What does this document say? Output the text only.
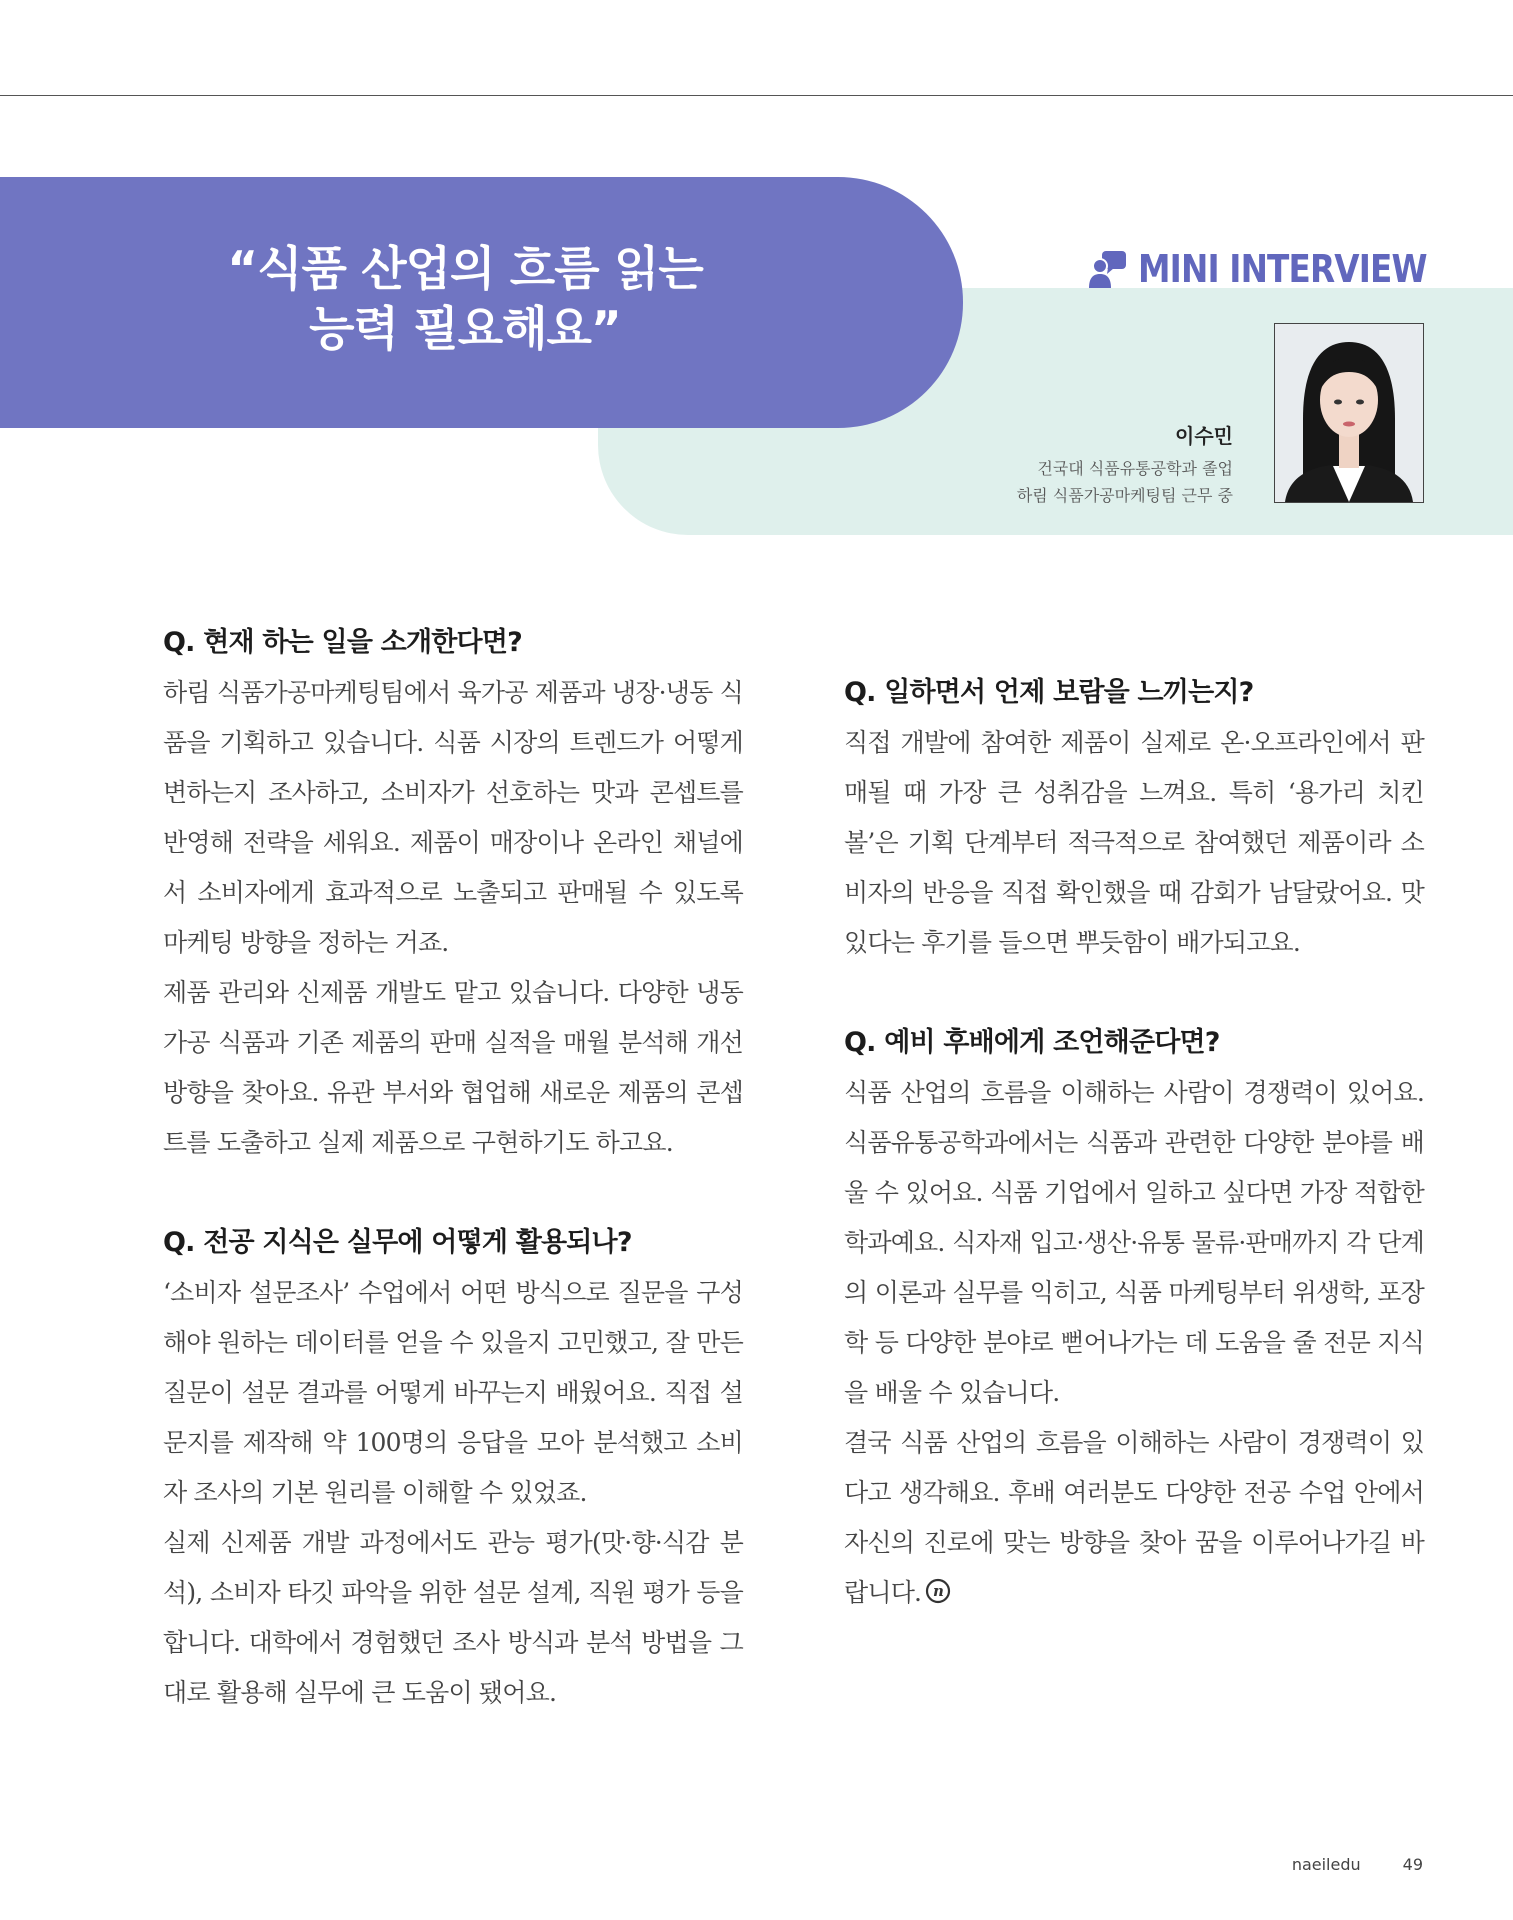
“식품 산업의 흐름 읽는
능력 필요해요”
MINI INTERVIEW
이수민
건국대 식품유통공학과 졸업
하림 식품가공마케팅팀 근무 중
Q. 현재 하는 일을 소개한다면?

하림 식품가공마케팅팀에서 육가공 제품과 냉장·냉동 식품을 기획하고 있습니다. 식품 시장의 트렌드가 어떻게 변하는지 조사하고, 소비자가 선호하는 맛과 콘셉트를 반영해 전략을 세워요. 제품이 매장이나 온라인 채널에서 소비자에게 효과적으로 노출되고 판매될 수 있도록 마케팅 방향을 정하는 거죠.

제품 관리와 신제품 개발도 맡고 있습니다. 다양한 냉동 가공 식품과 기존 제품의 판매 실적을 매월 분석해 개선 방향을 찾아요. 유관 부서와 협업해 새로운 제품의 콘셉트를 도출하고 실제 제품으로 구현하기도 하고요.

Q. 전공 지식은 실무에 어떻게 활용되나?

‘소비자 설문조사’ 수업에서 어떤 방식으로 질문을 구성해야 원하는 데이터를 얻을 수 있을지 고민했고, 잘 만든 질문이 설문 결과를 어떻게 바꾸는지 배웠어요. 직접 설문지를 제작해 약 100명의 응답을 모아 분석했고 소비자 조사의 기본 원리를 이해할 수 있었죠.

실제 신제품 개발 과정에서도 관능 평가(맛·향·식감 분석), 소비자 타깃 파악을 위한 설문 설계, 직원 평가 등을 합니다. 대학에서 경험했던 조사 방식과 분석 방법을 그대로 활용해 실무에 큰 도움이 됐어요.

Q. 일하면서 언제 보람을 느끼는지?

직접 개발에 참여한 제품이 실제로 온·오프라인에서 판매될 때 가장 큰 성취감을 느껴요. 특히 ‘용가리 치킨볼’은 기획 단계부터 적극적으로 참여했던 제품이라 소비자의 반응을 직접 확인했을 때 감회가 남달랐어요. 맛있다는 후기를 들으면 뿌듯함이 배가되고요.

Q. 예비 후배에게 조언해준다면?

식품 산업의 흐름을 이해하는 사람이 경쟁력이 있어요. 식품유통공학과에서는 식품과 관련한 다양한 분야를 배울 수 있어요. 식품 기업에서 일하고 싶다면 가장 적합한 학과예요. 식자재 입고·생산·유통 물류·판매까지 각 단계의 이론과 실무를 익히고, 식품 마케팅부터 위생학, 포장학 등 다양한 분야로 뻗어나가는 데 도움을 줄 전문 지식을 배울 수 있습니다.

결국 식품 산업의 흐름을 이해하는 사람이 경쟁력이 있다고 생각해요. 후배 여러분도 다양한 전공 수업 안에서 자신의 진로에 맞는 방향을 찾아 꿈을 이루어나가길 바랍니다. n

naeiledu	49
